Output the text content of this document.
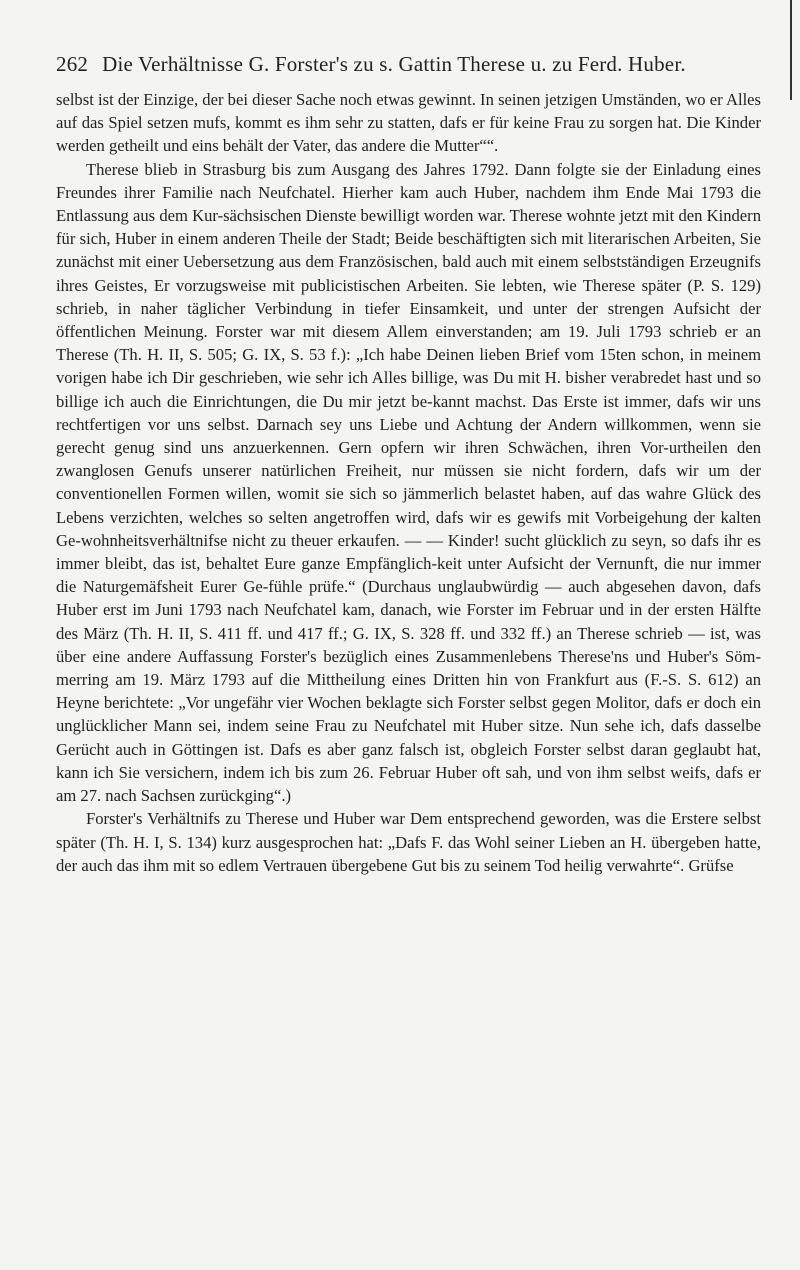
262 Die Verhältnisse G. Forster's zu s. Gattin Therese u. zu Ferd. Huber.

selbst ist der Einzige, der bei dieser Sache noch etwas gewinnt. In seinen jetzigen Umständen, wo er Alles auf das Spiel setzen mufs, kommt es ihm sehr zu statten, dafs er für keine Frau zu sorgen hat. Die Kinder werden getheilt und eins behält der Vater, das andere die Mutter““.

Therese blieb in Strasburg bis zum Ausgang des Jahres 1792. Dann folgte sie der Einladung eines Freundes ihrer Familie nach Neufchatel. Hierher kam auch Huber, nachdem ihm Ende Mai 1793 die Entlassung aus dem Kur-sächsischen Dienste bewilligt worden war. Therese wohnte jetzt mit den Kindern für sich, Huber in einem anderen Theile der Stadt; Beide beschäftigten sich mit literarischen Arbeiten, Sie zunächst mit einer Uebersetzung aus dem Französischen, bald auch mit einem selbstständigen Erzeugnifs ihres Geistes, Er vorzugsweise mit publicistischen Arbeiten. Sie lebten, wie Therese später (P. S. 129) schrieb, in naher täglicher Verbindung in tiefer Einsamkeit, und unter der strengen Aufsicht der öffentlichen Meinung. Forster war mit diesem Allem einverstanden; am 19. Juli 1793 schrieb er an Therese (Th. H. II, S. 505; G. IX, S. 53 f.): „Ich habe Deinen lieben Brief vom 15ten schon, in meinem vorigen habe ich Dir geschrieben, wie sehr ich Alles billige, was Du mit H. bisher verabredet hast und so billige ich auch die Einrichtungen, die Du mir jetzt be-kannt machst. Das Erste ist immer, dafs wir uns rechtfertigen vor uns selbst. Darnach sey uns Liebe und Achtung der Andern willkommen, wenn sie gerecht genug sind uns anzuerkennen. Gern opfern wir ihren Schwächen, ihren Vor-urtheilen den zwanglosen Genufs unserer natürlichen Freiheit, nur müssen sie nicht fordern, dafs wir um der conventionellen Formen willen, womit sie sich so jämmerlich belastet haben, auf das wahre Glück des Lebens verzichten, welches so selten angetroffen wird, dafs wir es gewifs mit Vorbeigehung der kalten Ge-wohnheitsverhältnifse nicht zu theuer erkaufen. — — Kinder! sucht glücklich zu seyn, so dafs ihr es immer bleibt, das ist, behaltet Eure ganze Empfänglich-keit unter Aufsicht der Vernunft, die nur immer die Naturgemäfsheit Eurer Ge-fühle prüfe.“ (Durchaus unglaubwürdig — auch abgesehen davon, dafs Huber erst im Juni 1793 nach Neufchatel kam, danach, wie Forster im Februar und in der ersten Hälfte des März (Th. H. II, S. 411 ff. und 417 ff.; G. IX, S. 328 ff. und 332 ff.) an Therese schrieb — ist, was über eine andere Auffassung Forster's bezüglich eines Zusammenlebens Therese'ns und Huber's Söm-merring am 19. März 1793 auf die Mittheilung eines Dritten hin von Frankfurt aus (F.-S. S. 612) an Heyne berichtete: „Vor ungefähr vier Wochen beklagte sich Forster selbst gegen Molitor, dafs er doch ein unglücklicher Mann sei, indem seine Frau zu Neufchatel mit Huber sitze. Nun sehe ich, dafs dasselbe Gerücht auch in Göttingen ist. Dafs es aber ganz falsch ist, obgleich Forster selbst daran geglaubt hat, kann ich Sie versichern, indem ich bis zum 26. Februar Huber oft sah, und von ihm selbst weifs, dafs er am 27. nach Sachsen zurückging“.)

Forster's Verhältnifs zu Therese und Huber war Dem entsprechend geworden, was die Erstere selbst später (Th. H. I, S. 134) kurz ausgesprochen hat: „Dafs F. das Wohl seiner Lieben an H. übergeben hatte, der auch das ihm mit so edlem Vertrauen übergebene Gut bis zu seinem Tod heilig verwahrte“. Grüfse
